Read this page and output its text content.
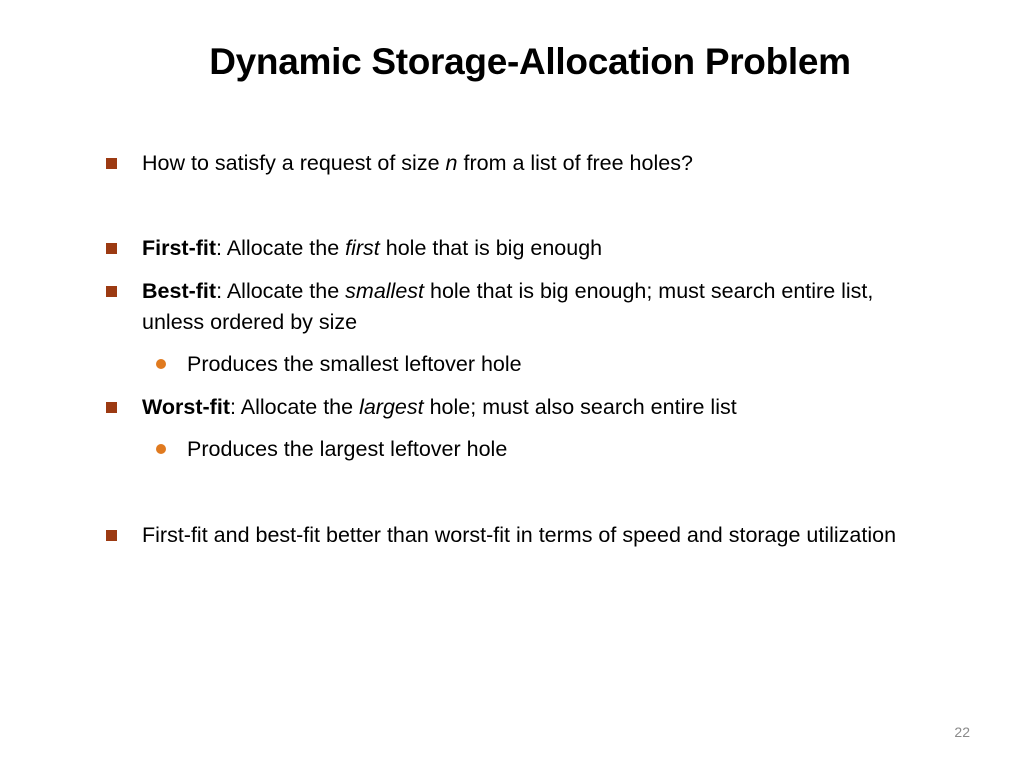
Dynamic Storage-Allocation Problem
How to satisfy a request of size n from a list of free holes?
First-fit: Allocate the first hole that is big enough
Best-fit: Allocate the smallest hole that is big enough; must search entire list, unless ordered by size
Produces the smallest leftover hole
Worst-fit: Allocate the largest hole; must also search entire list
Produces the largest leftover hole
First-fit and best-fit better than worst-fit in terms of speed and storage utilization
22
